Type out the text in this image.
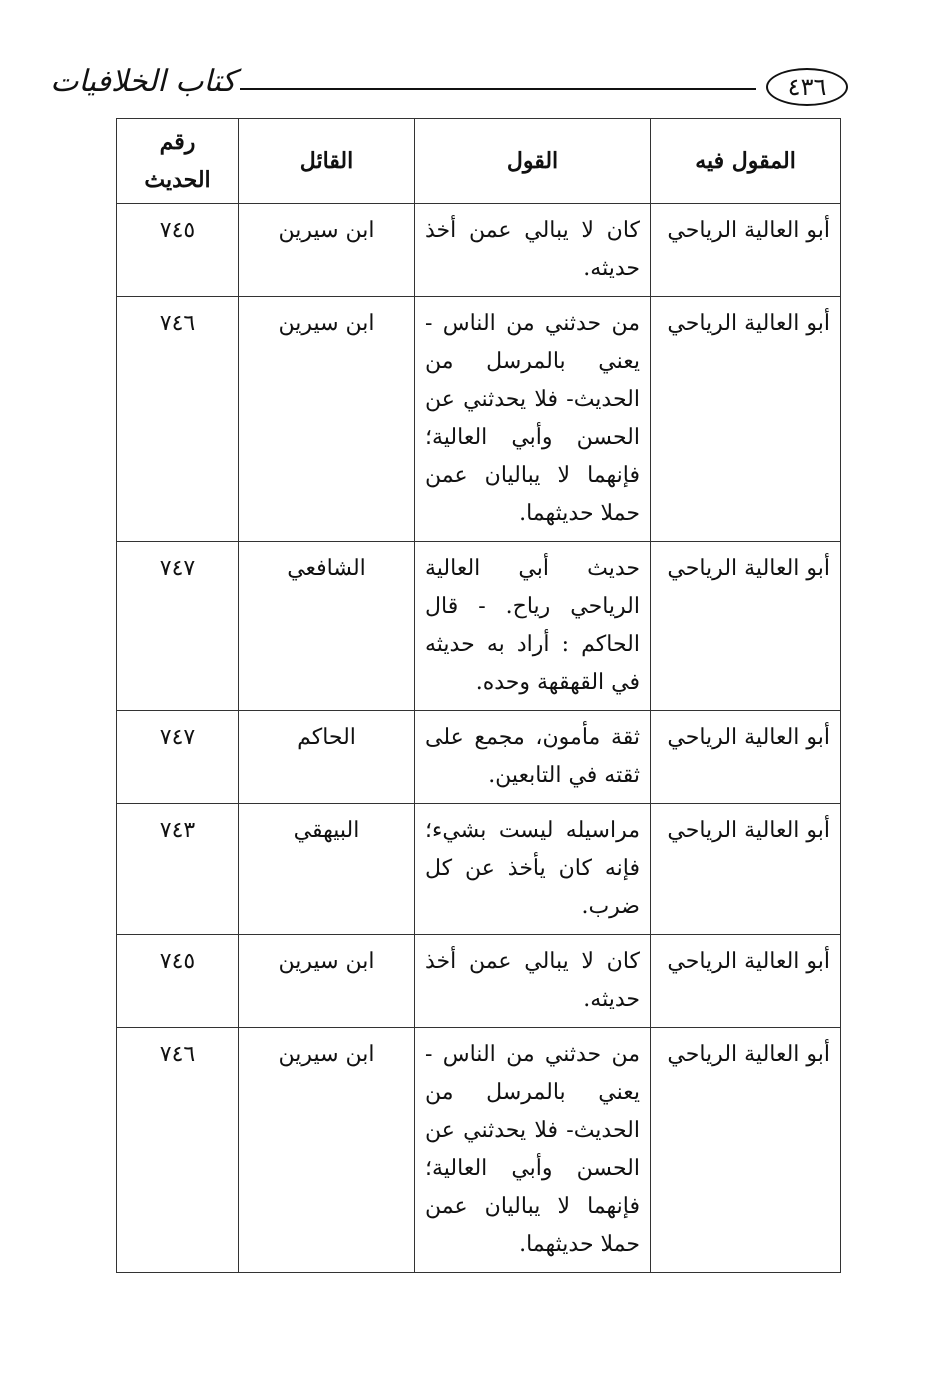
٤٣٦
كتاب الخلافيات
المقول فيه	القول	القائل	رقم الحديث
أبو العالية الرياحي	كان لا يبالي عمن أخذ حديثه.	ابن سيرين	٧٤٥
أبو العالية الرياحي	من حدثني من الناس - يعني بالمرسل من الحديث- فلا يحدثني عن الحسن وأبي العالية؛ فإنهما لا يباليان عمن حملا حديثهما.	ابن سيرين	٧٤٦
أبو العالية الرياحي	حديث أبي العالية الرياحي رياح. - قال الحاكم : أراد به حديثه في القهقهة وحده.	الشافعي	٧٤٧
أبو العالية الرياحي	ثقة مأمون، مجمع على ثقته في التابعين.	الحاكم	٧٤٧
أبو العالية الرياحي	مراسيله ليست بشيء؛ فإنه كان يأخذ عن كل ضرب.	البيهقي	٧٤٣
أبو العالية الرياحي	كان لا يبالي عمن أخذ حديثه.	ابن سيرين	٧٤٥
أبو العالية الرياحي	من حدثني من الناس - يعني بالمرسل من الحديث- فلا يحدثني عن الحسن وأبي العالية؛ فإنهما لا يباليان عمن حملا حديثهما.	ابن سيرين	٧٤٦
